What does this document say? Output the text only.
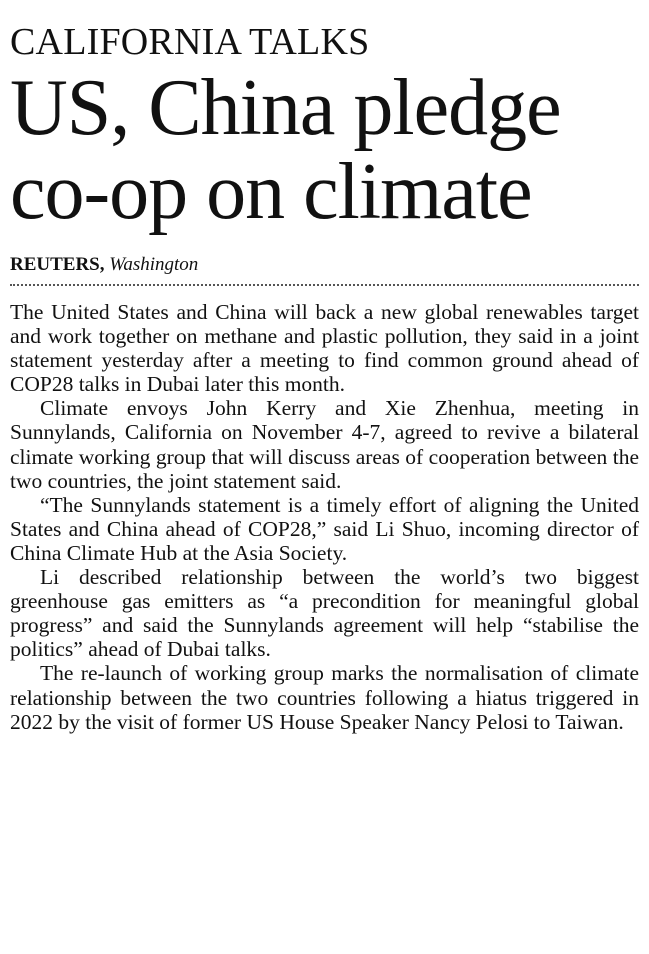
CALIFORNIA TALKS
US, China pledge
co-op on climate
REUTERS, Washington

The United States and China will back a new global renewables target and work together on methane and plastic pollution, they said in a joint statement yesterday after a meeting to find common ground ahead of COP28 talks in Dubai later this month.

Climate envoys John Kerry and Xie Zhenhua, meeting in Sunnylands, California on November 4-7, agreed to revive a bilateral climate working group that will discuss areas of cooperation between the two countries, the joint statement said.

“The Sunnylands statement is a timely effort of aligning the United States and China ahead of COP28,” said Li Shuo, incoming director of China Climate Hub at the Asia Society.

Li described relationship between the world’s two biggest greenhouse gas emitters as “a precondition for meaningful global progress” and said the Sunnylands agreement will help “stabilise the politics” ahead of Dubai talks.

The re-launch of working group marks the normalisation of climate relationship between the two countries following a hiatus triggered in 2022 by the visit of former US House Speaker Nancy Pelosi to Taiwan.
